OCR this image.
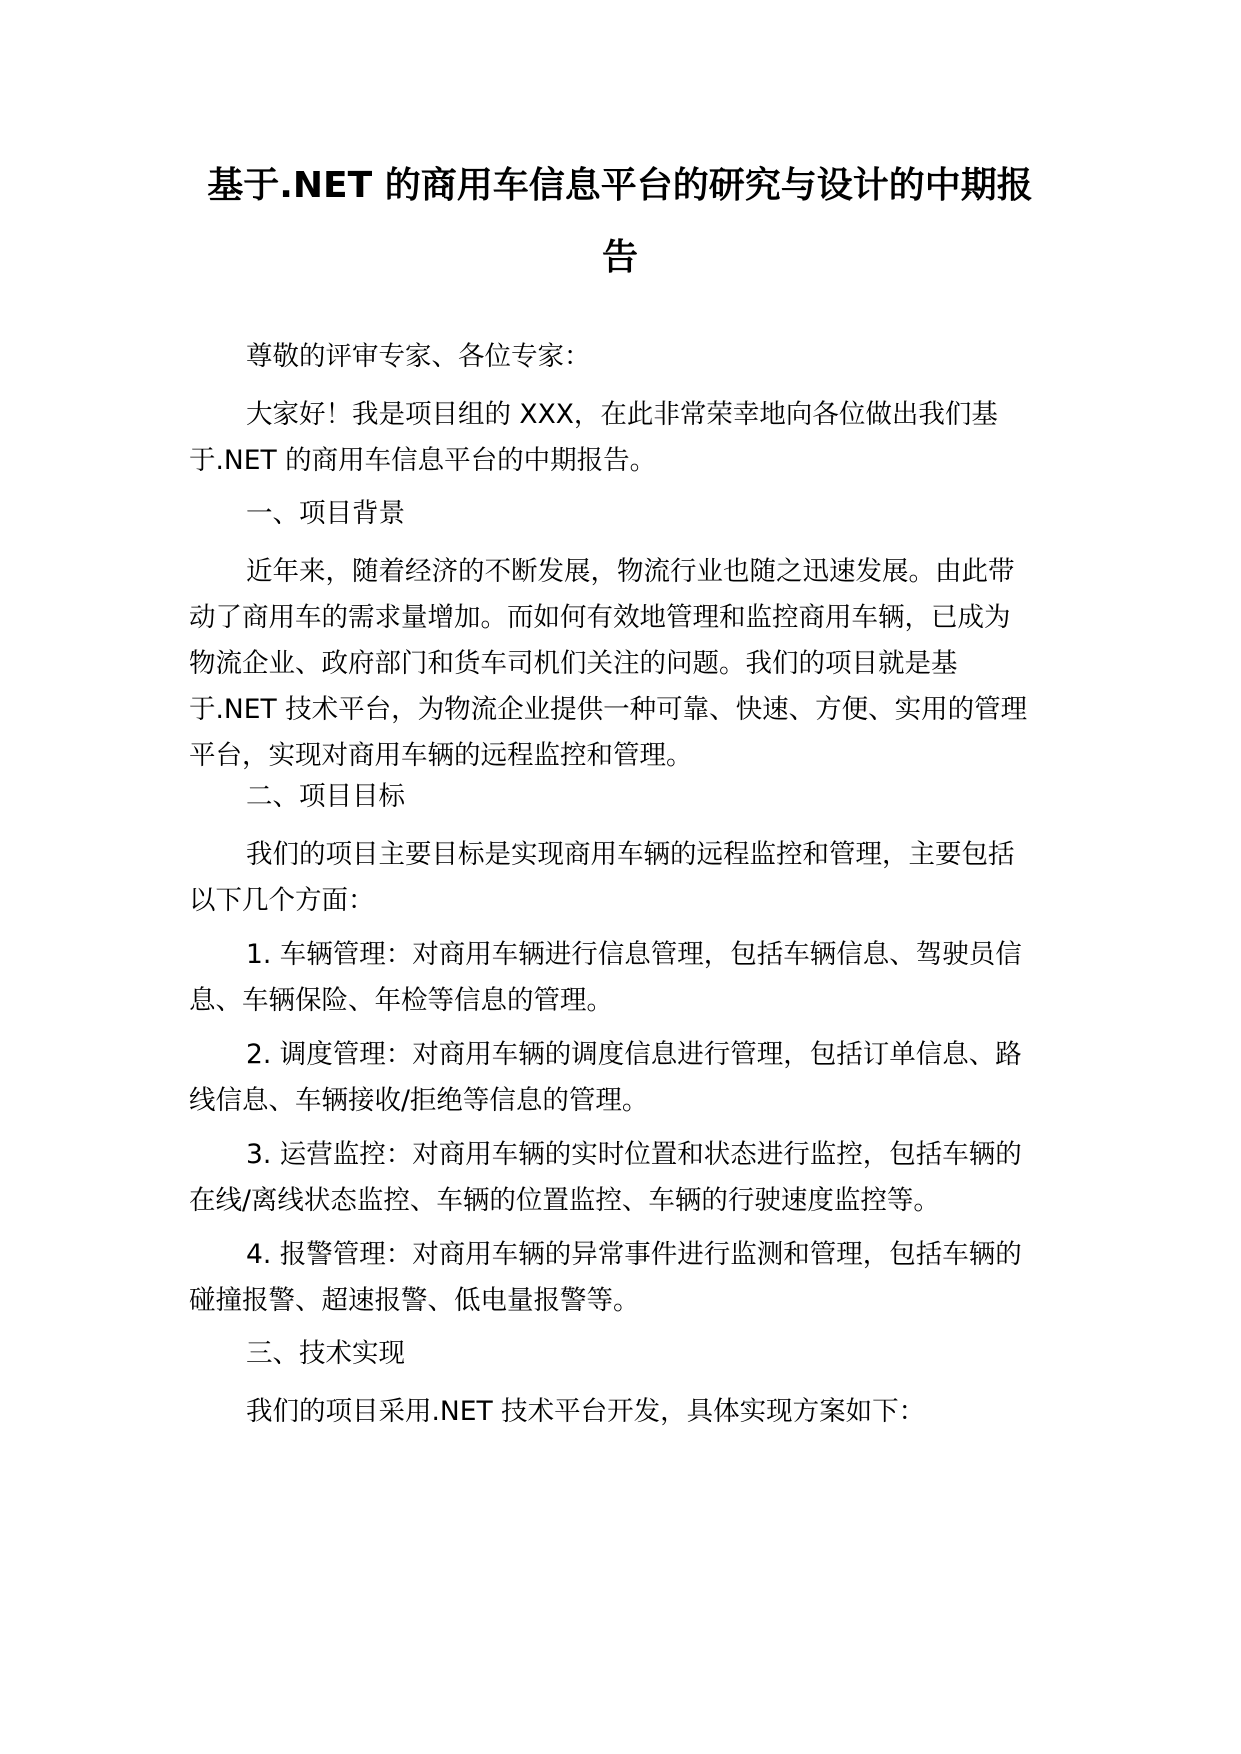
基于.NET 的商用车信息平台的研究与设计的中期报
告

尊敬的评审专家、各位专家：

大家好！我是项目组的 XXX，在此非常荣幸地向各位做出我们基
于.NET 的商用车信息平台的中期报告。

一、项目背景

近年来，随着经济的不断发展，物流行业也随之迅速发展。由此带
动了商用车的需求量增加。而如何有效地管理和监控商用车辆，已成为
物流企业、政府部门和货车司机们关注的问题。我们的项目就是基
于.NET 技术平台，为物流企业提供一种可靠、快速、方便、实用的管理
平台，实现对商用车辆的远程监控和管理。

二、项目目标

我们的项目主要目标是实现商用车辆的远程监控和管理，主要包括
以下几个方面：

1. 车辆管理：对商用车辆进行信息管理，包括车辆信息、驾驶员信
息、车辆保险、年检等信息的管理。

2. 调度管理：对商用车辆的调度信息进行管理，包括订单信息、路
线信息、车辆接收/拒绝等信息的管理。

3. 运营监控：对商用车辆的实时位置和状态进行监控，包括车辆的
在线/离线状态监控、车辆的位置监控、车辆的行驶速度监控等。

4. 报警管理：对商用车辆的异常事件进行监测和管理，包括车辆的
碰撞报警、超速报警、低电量报警等。

三、技术实现

我们的项目采用.NET 技术平台开发，具体实现方案如下：
